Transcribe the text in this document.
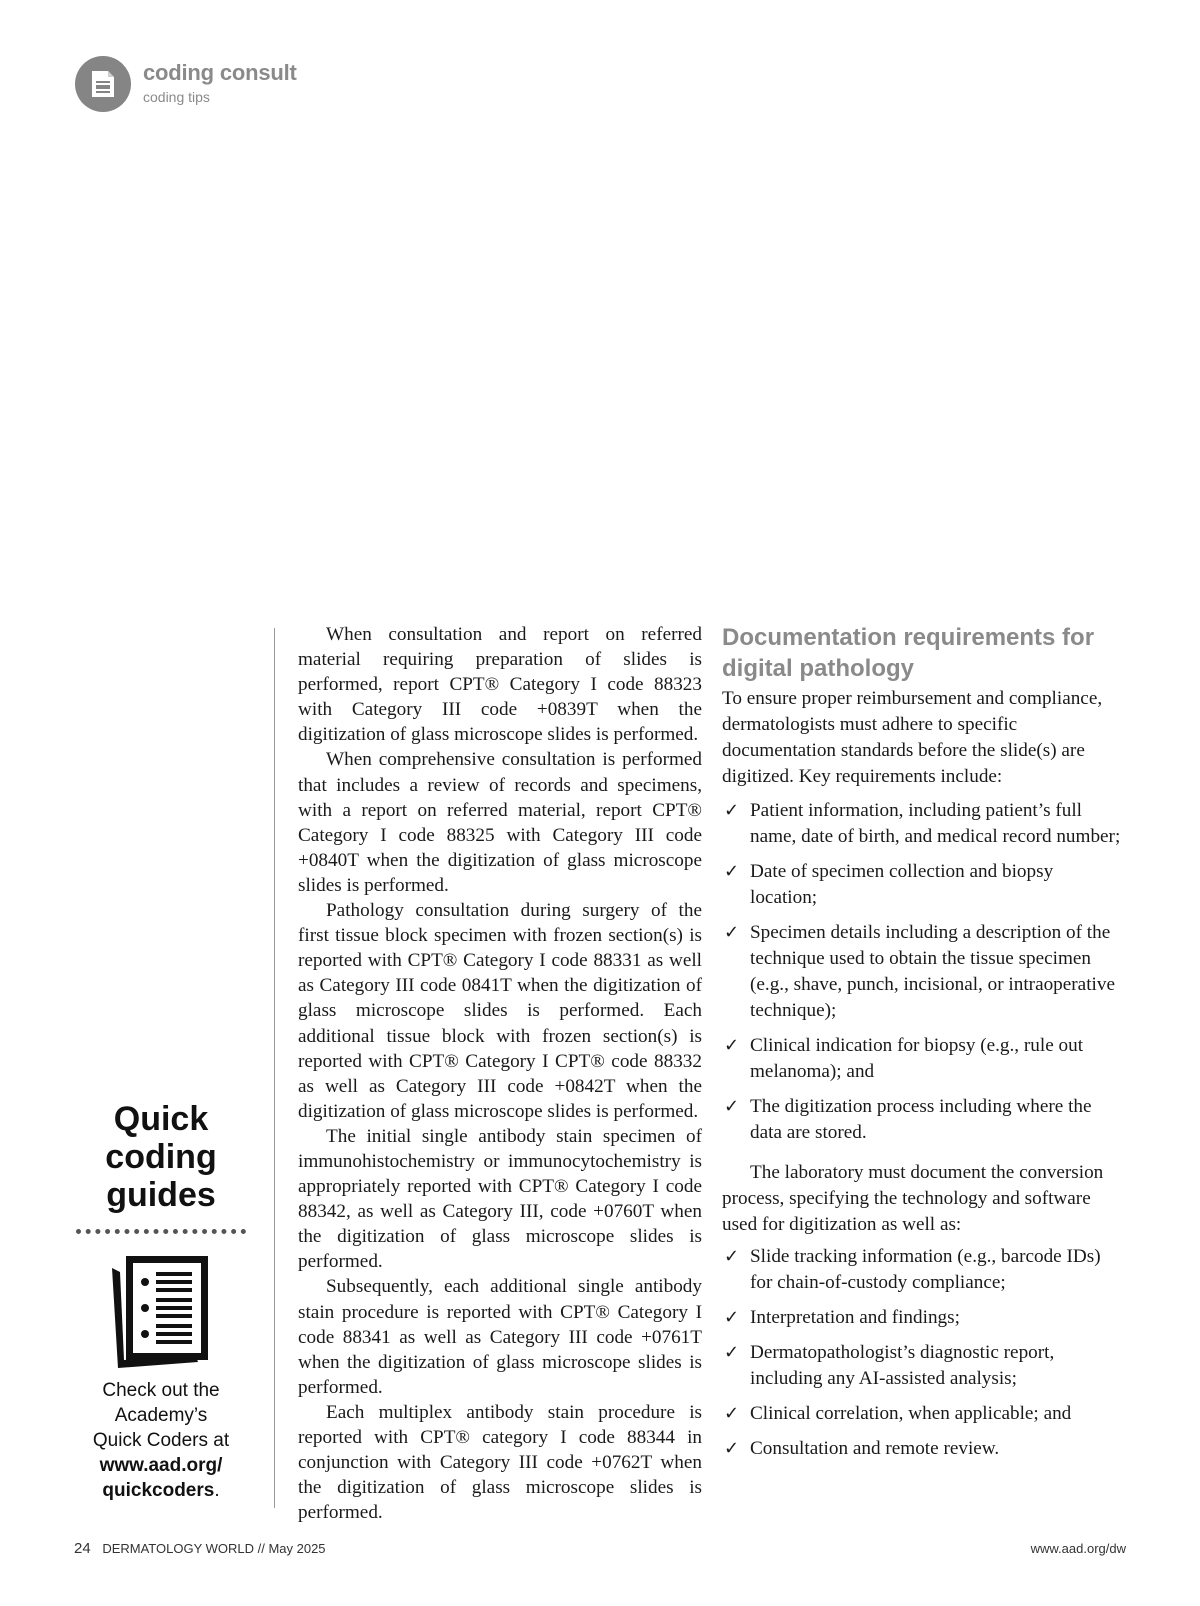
coding consult
coding tips
Quick
coding
guides
Check out the
Academy’s
Quick Coders at
www.aad.org/
quickcoders.

When consultation and report on referred material requiring preparation of slides is performed, report CPT® Category I code 88323 with Category III code +0839T when the digitization of glass microscope slides is performed.

When comprehensive consultation is performed that includes a review of records and specimens, with a report on referred material, report CPT® Category I code 88325 with Category III code +0840T when the digitization of glass microscope slides is performed.

Pathology consultation during surgery of the first tissue block specimen with frozen section(s) is reported with CPT® Category I code 88331 as well as Category III code 0841T when the digitization of glass microscope slides is performed. Each additional tissue block with frozen section(s) is reported with CPT® Category I CPT® code 88332 as well as Category III code +0842T when the digitization of glass microscope slides is performed.

The initial single antibody stain specimen of immunohistochemistry or immunocytochemistry is appropriately reported with CPT® Category I code 88342, as well as Category III, code +0760T when the digitization of glass microscope slides is performed.

Subsequently, each additional single antibody stain procedure is reported with CPT® Category I code 88341 as well as Category III code +0761T when the digitization of glass microscope slides is performed.

Each multiplex antibody stain procedure is reported with CPT® category I code 88344 in conjunction with Category III code +0762T when the digitization of glass microscope slides is performed.

Documentation requirements for digital pathology

To ensure proper reimbursement and compliance, dermatologists must adhere to specific documentation standards before the slide(s) are digitized. Key requirements include:

✓ Patient information, including patient’s full name, date of birth, and medical record number;
✓ Date of specimen collection and biopsy location;
✓ Specimen details including a description of the technique used to obtain the tissue specimen (e.g., shave, punch, incisional, or intraoperative technique);
✓ Clinical indication for biopsy (e.g., rule out melanoma); and
✓ The digitization process including where the data are stored.

The laboratory must document the conversion process, specifying the technology and software used for digitization as well as:

✓ Slide tracking information (e.g., barcode IDs) for chain-of-custody compliance;
✓ Interpretation and findings;
✓ Dermatopathologist’s diagnostic report, including any AI-assisted analysis;
✓ Clinical correlation, when applicable; and
✓ Consultation and remote review.
24 DERMATOLOGY WORLD // May 2025	www.aad.org/dw
